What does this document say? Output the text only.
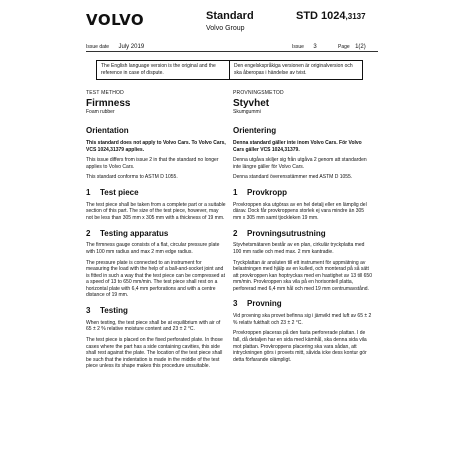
VOLVO	Standard
Volvo Group
STD 1024,3137
Issue date July 2019	Issue 3	Page 1(2)
The English language version is the original and the reference in case of dispute.
Den engelskspråkiga versionen är originalversion och ska åberopas i händelse av tvist.
TEST METHOD
Firmness
Foam rubber
Orientation

This standard does not apply to Volvo Cars. To Volvo Cars, VCS 1024,31379 applies.

This issue differs from issue 2 in that the standard no longer applies to Volvo Cars.

This standard conforms to ASTM D 1055.

1 Test piece

The test piece shall be taken from a complete part or a suitable section of this part. The size of the test piece, however, may not be less than 305 mm x 305 mm with a thickness of 19 mm.

2 Testing apparatus

The firmness gauge consists of a flat, circular pressure plate with 100 mm radius and max 2 mm edge radius.

The pressure plate is connected to an instrument for measuring the load with the help of a ball-and-socket joint and is fitted in such a way that the test piece can be compressed at a speed of 13 to 650 mm/min. The test piece shall rest on a horizontal plate with 6,4 mm perforations and with a centre distance of 19 mm.

3 Testing

When testing, the test piece shall be at equilibrium with air of 65 ± 2 % relative moisture content and 23 ± 2 °C.

The test piece is placed on the fixed perforated plate. In those cases where the part has a side containing cavities, this side shall rest against the plate. The location of the test piece shall be such that the indentation is made in the middle of the test piece unless its shape makes this procedure unsuitable.

PROVNINGSMETOD
Styvhet
Skumgummi
Orientering

Denna standard gäller inte inom Volvo Cars. För Volvo Cars gäller VCS 1024,31379.

Denna utgåva skiljer sig från utgåva 2 genom att standarden inte längre gäller för Volvo Cars.

Denna standard överensstämmer med ASTM D 1055.

1 Provkropp

Provkroppen ska utgöras av en hel detalj eller en lämplig del därav. Dock får provkroppens storlek ej vara mindre än 305 mm x 305 mm samt tjockleken 19 mm.

2 Provningsutrustning

Styvhetsmätaren består av en plan, cirkulär tryckplatta med 100 mm radie och med max. 2 mm kantradie.

Tryckplattan är ansluten till ett instrument för uppmätning av belastningen med hjälp av en kulled, och monterad på så sätt att provkroppen kan hoptryckas med en hastighet av 13 till 650 mm/min. Provkroppen ska vila på en horisontell platta, perforerad med 6,4 mm hål och med 19 mm centrumavstånd.

3 Provning

Vid provning ska provet befinna sig i jämvikt med luft av 65 ± 2 % relativ fukthalt och 23 ± 2 °C.

Provkroppen placeras på den fasta perforerade plattan. I de fall, då detaljen har en sida med kämhål, ska denna sida vila mot plattan. Provkroppens placering ska vara sådan, att intryckningen görs i provets mitt, såvida icke dess kontur gör detta förfarande olämpligt.
